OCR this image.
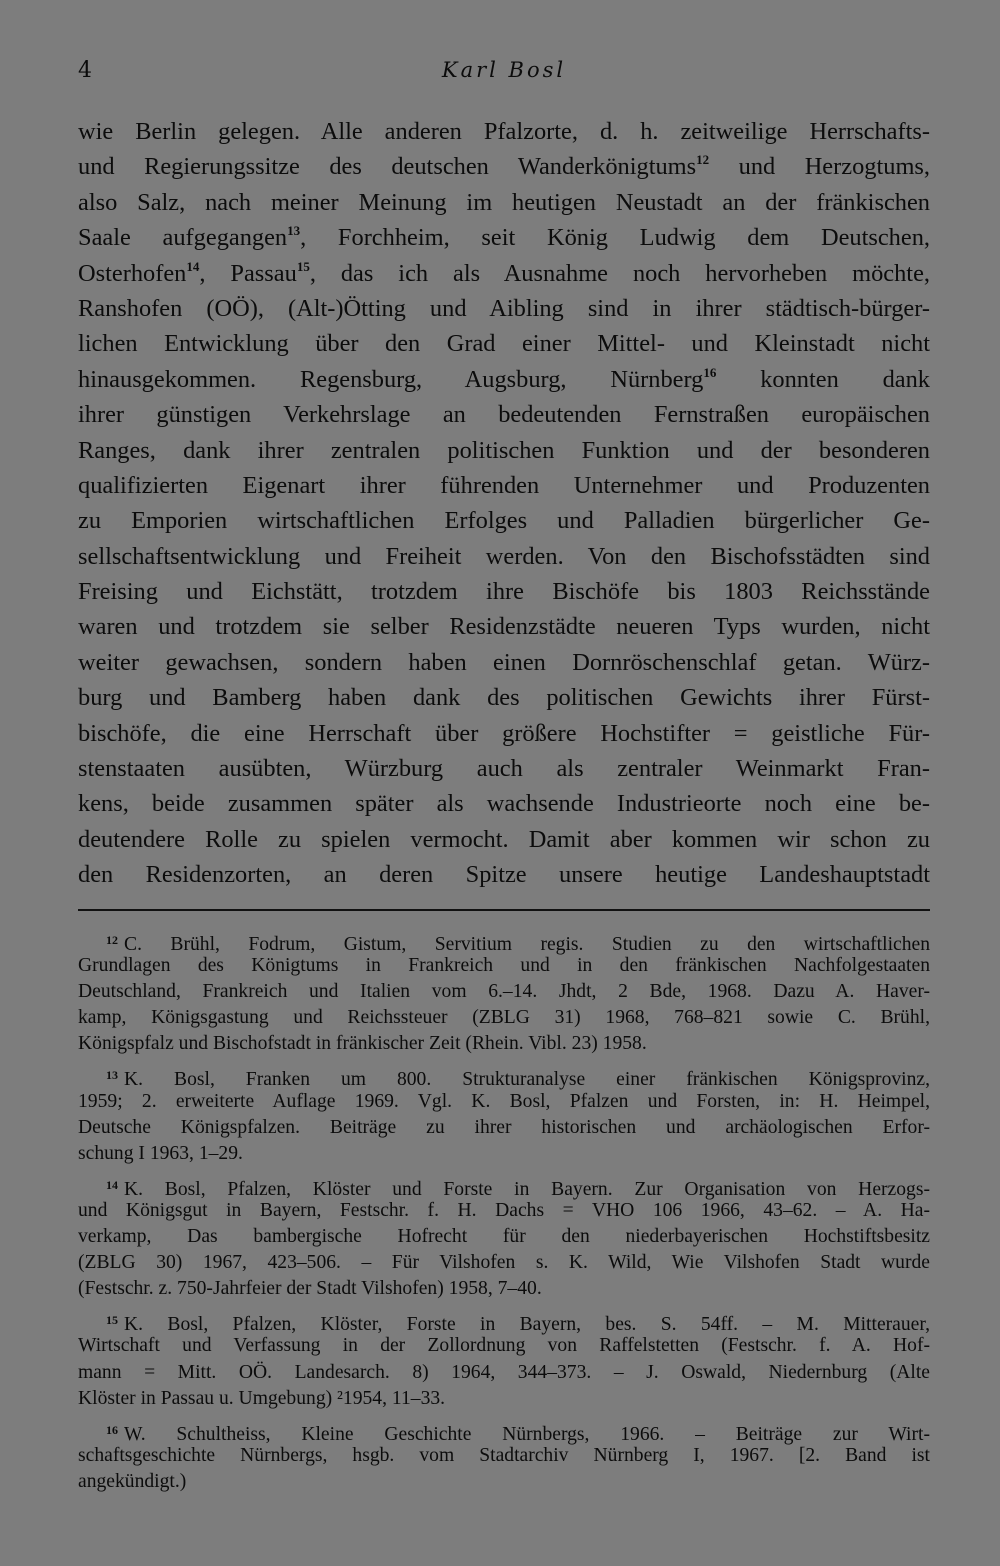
4	Karl Bosl
wie Berlin gelegen. Alle anderen Pfalzorte, d. h. zeitweilige Herrschafts-
und Regierungssitze des deutschen Wanderkönigtums$^{12}$ und Herzogtums,
also Salz, nach meiner Meinung im heutigen Neustadt an der fränkischen
Saale aufgegangen$^{13}$, Forchheim, seit König Ludwig dem Deutschen,
Osterhofen$^{14}$, Passau$^{15}$, das ich als Ausnahme noch hervorheben möchte,
Ranshofen (OÖ), (Alt-)Ötting und Aibling sind in ihrer städtisch-bürger-
lichen Entwicklung über den Grad einer Mittel- und Kleinstadt nicht
hinausgekommen. Regensburg, Augsburg, Nürnberg$^{16}$ konnten dank
ihrer günstigen Verkehrslage an bedeutenden Fernstraßen europäischen
Ranges, dank ihrer zentralen politischen Funktion und der besonderen
qualifizierten Eigenart ihrer führenden Unternehmer und Produzenten
zu Emporien wirtschaftlichen Erfolges und Palladien bürgerlicher Ge-
sellschaftsentwicklung und Freiheit werden. Von den Bischofsstädten sind
Freising und Eichstätt, trotzdem ihre Bischöfe bis 1803 Reichsstände
waren und trotzdem sie selber Residenzstädte neueren Typs wurden, nicht
weiter gewachsen, sondern haben einen Dornröschenschlaf getan. Würz-
burg und Bamberg haben dank des politischen Gewichts ihrer Fürst-
bischöfe, die eine Herrschaft über größere Hochstifter = geistliche Für-
stenstaaten ausübten, Würzburg auch als zentraler Weinmarkt Fran-
kens, beide zusammen später als wachsende Industrieorte noch eine be-
deutendere Rolle zu spielen vermocht. Damit aber kommen wir schon zu
den Residenzorten, an deren Spitze unsere heutige Landeshauptstadt
$^{12}$ C. Brühl, Fodrum, Gistum, Servitium regis. Studien zu den wirtschaftlichen
Grundlagen des Königtums in Frankreich und in den fränkischen Nachfolgestaaten
Deutschland, Frankreich und Italien vom 6.–14. Jhdt, 2 Bde, 1968. Dazu A. Haver-
kamp, Königsgastung und Reichssteuer (ZBLG 31) 1968, 768–821 sowie C. Brühl,
Königspfalz und Bischofstadt in fränkischer Zeit (Rhein. Vibl. 23) 1958.
$^{13}$ K. Bosl, Franken um 800. Strukturanalyse einer fränkischen Königsprovinz,
1959; 2. erweiterte Auflage 1969. Vgl. K. Bosl, Pfalzen und Forsten, in: H. Heimpel,
Deutsche Königspfalzen. Beiträge zu ihrer historischen und archäologischen Erfor-
schung I 1963, 1–29.
$^{14}$ K. Bosl, Pfalzen, Klöster und Forste in Bayern. Zur Organisation von Herzogs-
und Königsgut in Bayern, Festschr. f. H. Dachs = VHO 106 1966, 43–62. – A. Ha-
verkamp, Das bambergische Hofrecht für den niederbayerischen Hochstiftsbesitz
(ZBLG 30) 1967, 423–506. – Für Vilshofen s. K. Wild, Wie Vilshofen Stadt wurde
(Festschr. z. 750-Jahrfeier der Stadt Vilshofen) 1958, 7–40.
$^{15}$ K. Bosl, Pfalzen, Klöster, Forste in Bayern, bes. S. 54ff. – M. Mitterauer,
Wirtschaft und Verfassung in der Zollordnung von Raffelstetten (Festschr. f. A. Hof-
mann = Mitt. OÖ. Landesarch. 8) 1964, 344–373. – J. Oswald, Niedernburg (Alte
Klöster in Passau u. Umgebung) ²1954, 11–33.
$^{16}$ W. Schultheiss, Kleine Geschichte Nürnbergs, 1966. – Beiträge zur Wirt-
schaftsgeschichte Nürnbergs, hsgb. vom Stadtarchiv Nürnberg I, 1967. [2. Band ist
angekündigt.)
